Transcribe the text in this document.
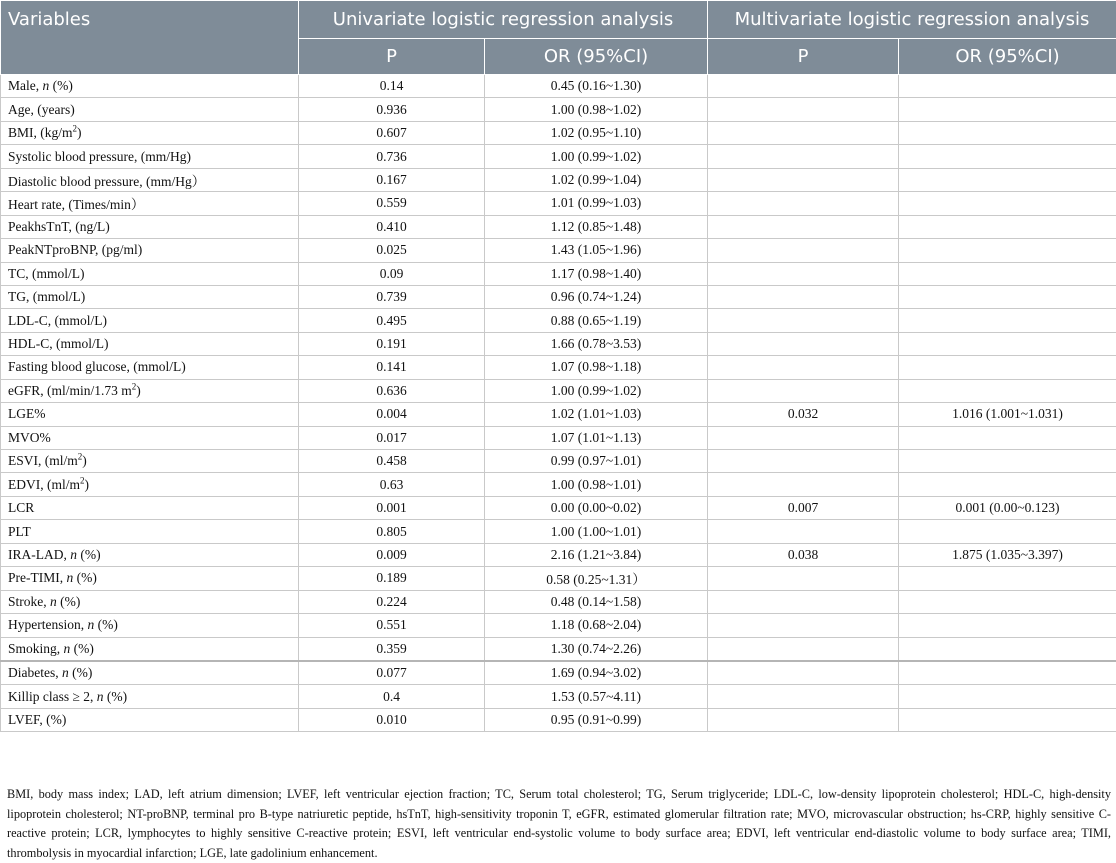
Variables	Univariate logistic regression analysis		Multivariate logistic regression analysis	
	P	OR (95%CI)	P	OR (95%CI)
Male, n (%)	0.14	0.45 (0.16~1.30)		
Age, (years)	0.936	1.00 (0.98~1.02)		
BMI, $(kg/m^2)$	0.607	1.02 (0.95~1.10)		
Systolic blood pressure, (mm/Hg)	0.736	1.00 (0.99~1.02)		
Diastolic blood pressure, (mm/Hg）	0.167	1.02 (0.99~1.04)		
Heart rate, (Times/min）	0.559	1.01 (0.99~1.03)		
PeakhsTnT, (ng/L)	0.410	1.12 (0.85~1.48)		
PeakNTproBNP, (pg/ml)	0.025	1.43 (1.05~1.96)		
TC, (mmol/L)	0.09	1.17 (0.98~1.40)		
TG, (mmol/L)	0.739	0.96 (0.74~1.24)		
LDL-C, (mmol/L)	0.495	0.88 (0.65~1.19)		
HDL-C, (mmol/L)	0.191	1.66 (0.78~3.53)		
Fasting blood glucose, (mmol/L)	0.141	1.07 (0.98~1.18)		
eGFR, (ml/min/1.73 $m^2$)	0.636	1.00 (0.99~1.02)		
LGE%	0.004	1.02 (1.01~1.03)	0.032	1.016 (1.001~1.031)
MVO%	0.017	1.07 (1.01~1.13)		
ESVI, $(ml/m^2)$	0.458	0.99 (0.97~1.01)		
EDVI, $(ml/m^2)$	0.63	1.00 (0.98~1.01)		
LCR	0.001	0.00 (0.00~0.02)	0.007	0.001 (0.00~0.123)
PLT	0.805	1.00 (1.00~1.01)		
IRA-LAD, n (%)	0.009	2.16 (1.21~3.84)	0.038	1.875 (1.035~3.397)
Pre-TIMI, n (%)	0.189	0.58 (0.25~1.31）		
Stroke, n (%)	0.224	0.48 (0.14~1.58)		
Hypertension, n (%)	0.551	1.18 (0.68~2.04)		
Smoking, n (%)	0.359	1.30 (0.74~2.26)		
Diabetes, n (%)	0.077	1.69 (0.94~3.02)		
Killip class ≥ 2, n (%)	0.4	1.53 (0.57~4.11)		
LVEF, (%)	0.010	0.95 (0.91~0.99)		
BMI, body mass index; LAD, left atrium dimension; LVEF, left ventricular ejection fraction; TC, Serum total cholesterol; TG, Serum triglyceride; LDL-C, low-density lipoprotein cholesterol; HDL-C, high-density lipoprotein cholesterol; NT-proBNP, terminal pro B-type natriuretic peptide, hsTnT, high-sensitivity troponin T, eGFR, estimated glomerular filtration rate; MVO, microvascular obstruction; hs-CRP, highly sensitive C-reactive protein; LCR, lymphocytes to highly sensitive C-reactive protein; ESVI, left ventricular end-systolic volume to body surface area; EDVI, left ventricular end-diastolic volume to body surface area; TIMI, thrombolysis in myocardial infarction; LGE, late gadolinium enhancement.
